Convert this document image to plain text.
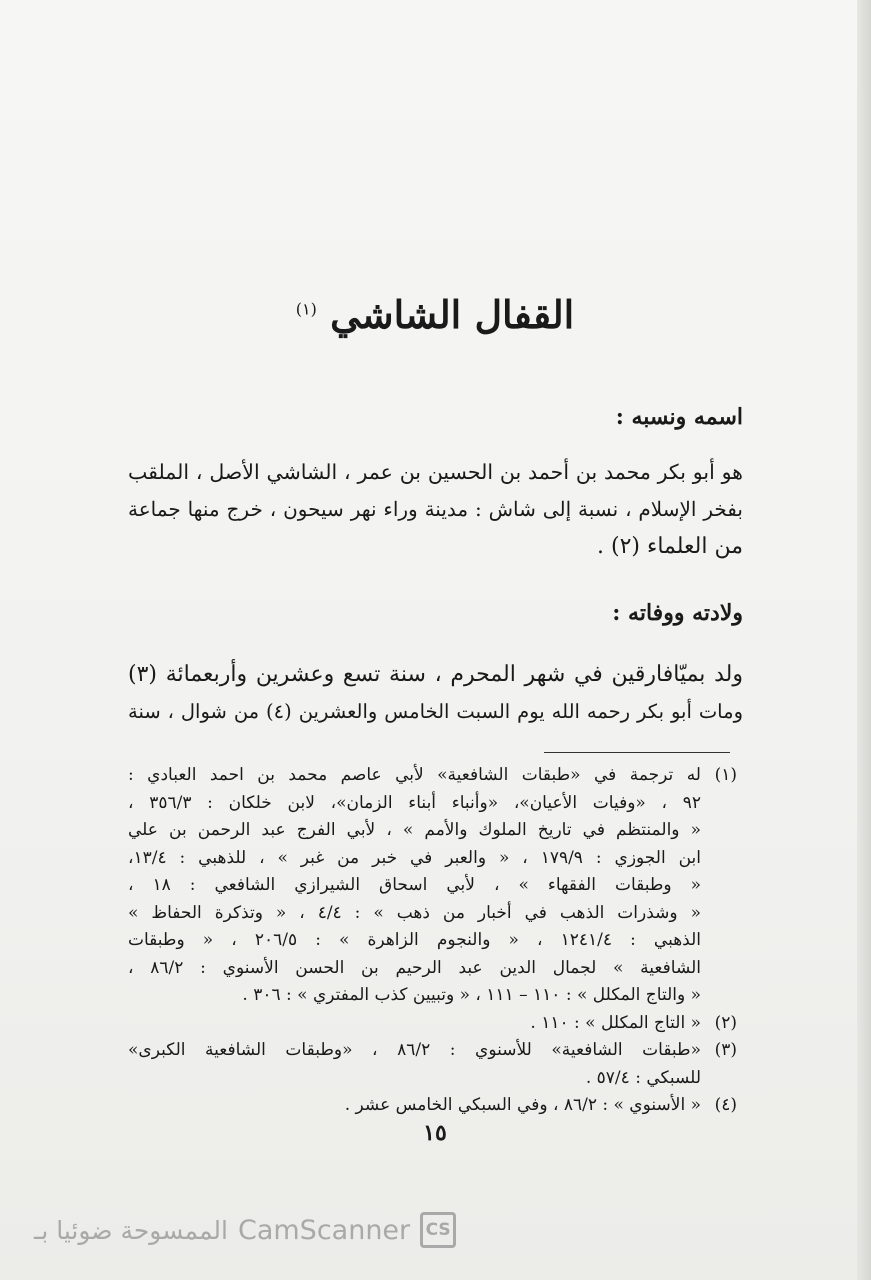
القفال الشاشي $^{(١)}$
اسمه ونسبه :
هو أبو بكر محمد بن أحمد بن الحسين بن عمر ، الشاشي الأصل ، الملقب
بفخر الإسلام ، نسبة إلى شاش : مدينة وراء نهر سيحون ، خرج منها جماعة
من العلماء (٢) .
ولادته ووفاته :
ولد بميّافارقين في شهر المحرم ، سنة تسع وعشرين وأربعمائة (٣)
ومات أبو بكر رحمه الله يوم السبت الخامس والعشرين (٤) من شوال ، سنة
(١)
له ترجمة في «طبقات الشافعية» لأبي عاصم محمد بن احمد العبادي :
٩٢ ، «وفيات الأعيان»، «وأنباء أبناء الزمان»، لابن خلكان : ٣٥٦/٣ ،
« والمنتظم في تاريخ الملوك والأمم » ، لأبي الفرج عبد الرحمن بن علي
ابن الجوزي : ١٧٩/٩ ، « والعبر في خبر من غبر » ، للذهبي : ١٣/٤،
« وطبقات الفقهاء » ، لأبي اسحاق الشيرازي الشافعي : ١٨ ،
« وشذرات الذهب في أخبار من ذهب » : ٤/٤ ، « وتذكرة الحفاظ »
الذهبي : ١٢٤١/٤ ، « والنجوم الزاهرة » : ٢٠٦/٥ ، « وطبقات
الشافعية » لجمال الدين عبد الرحيم بن الحسن الأسنوي : ٨٦/٢ ،
« والتاج المكلل » : ١١٠ – ١١١ ، « وتبيين كذب المفتري » : ٣٠٦ .
(٢)
« التاج المكلل » : ١١٠ .
(٣)
«طبقات الشافعية» للأسنوي : ٨٦/٢ ، «وطبقات الشافعية الكبرى»
للسبكي : ٥٧/٤ .
(٤)
« الأسنوي » : ٨٦/٢ ، وفي السبكي الخامس عشر .
١٥
CS
CamScanner
الممسوحة ضوئيا بـ
